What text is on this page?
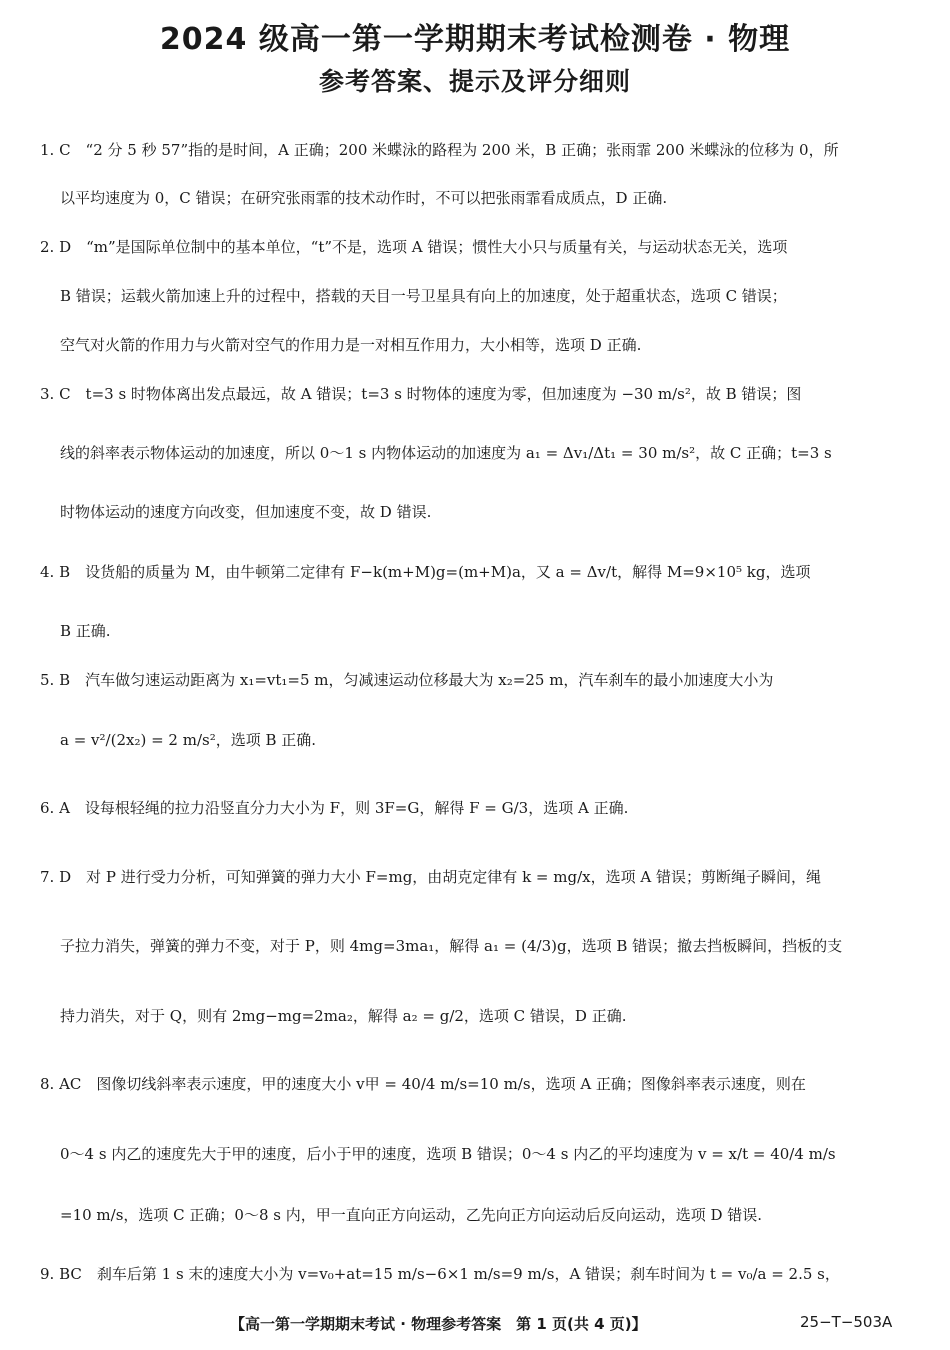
2024 级高一第一学期期末考试检测卷 · 物理
参考答案、提示及评分细则
1. C　“2 分 5 秒 57”指的是时间，A 正确；200 米蝶泳的路程为 200 米，B 正确；张雨霏 200 米蝶泳的位移为 0，所
以平均速度为 0，C 错误；在研究张雨霏的技术动作时，不可以把张雨霏看成质点，D 正确.
2. D　“m”是国际单位制中的基本单位，“t”不是，选项 A 错误；惯性大小只与质量有关，与运动状态无关，选项
B 错误；运载火箭加速上升的过程中，搭载的天目一号卫星具有向上的加速度，处于超重状态，选项 C 错误；
空气对火箭的作用力与火箭对空气的作用力是一对相互作用力，大小相等，选项 D 正确.
3. C　t=3 s 时物体离出发点最远，故 A 错误；t=3 s 时物体的速度为零，但加速度为 −30 m/s²，故 B 错误；图
线的斜率表示物体运动的加速度，所以 0～1 s 内物体运动的加速度为 a₁ = Δv₁/Δt₁ = 30 m/s²，故 C 正确；t=3 s
时物体运动的速度方向改变，但加速度不变，故 D 错误.
4. B　设货船的质量为 M，由牛顿第二定律有 F−k(m+M)g=(m+M)a，又 a = Δv/t，解得 M=9×10⁵ kg，选项
B 正确.
5. B　汽车做匀速运动距离为 x₁=vt₁=5 m，匀减速运动位移最大为 x₂=25 m，汽车刹车的最小加速度大小为
a = v²/(2x₂) = 2 m/s²，选项 B 正确.
6. A　设每根轻绳的拉力沿竖直分力大小为 F，则 3F=G，解得 F = G/3，选项 A 正确.
7. D　对 P 进行受力分析，可知弹簧的弹力大小 F=mg，由胡克定律有 k = mg/x，选项 A 错误；剪断绳子瞬间，绳
子拉力消失，弹簧的弹力不变，对于 P，则 4mg=3ma₁，解得 a₁ = (4/3)g，选项 B 错误；撤去挡板瞬间，挡板的支
持力消失，对于 Q，则有 2mg−mg=2ma₂，解得 a₂ = g/2，选项 C 错误，D 正确.
8. AC　图像切线斜率表示速度，甲的速度大小 v甲 = 40/4 m/s=10 m/s，选项 A 正确；图像斜率表示速度，则在
0～4 s 内乙的速度先大于甲的速度，后小于甲的速度，选项 B 错误；0～4 s 内乙的平均速度为 v = x/t = 40/4 m/s
=10 m/s，选项 C 正确；0～8 s 内，甲一直向正方向运动，乙先向正方向运动后反向运动，选项 D 错误.
9. BC　刹车后第 1 s 末的速度大小为 v=v₀+at=15 m/s−6×1 m/s=9 m/s，A 错误；刹车时间为 t = v₀/a = 2.5 s，
【高一第一学期期末考试 · 物理参考答案　第 1 页(共 4 页)】	25−T−503A
